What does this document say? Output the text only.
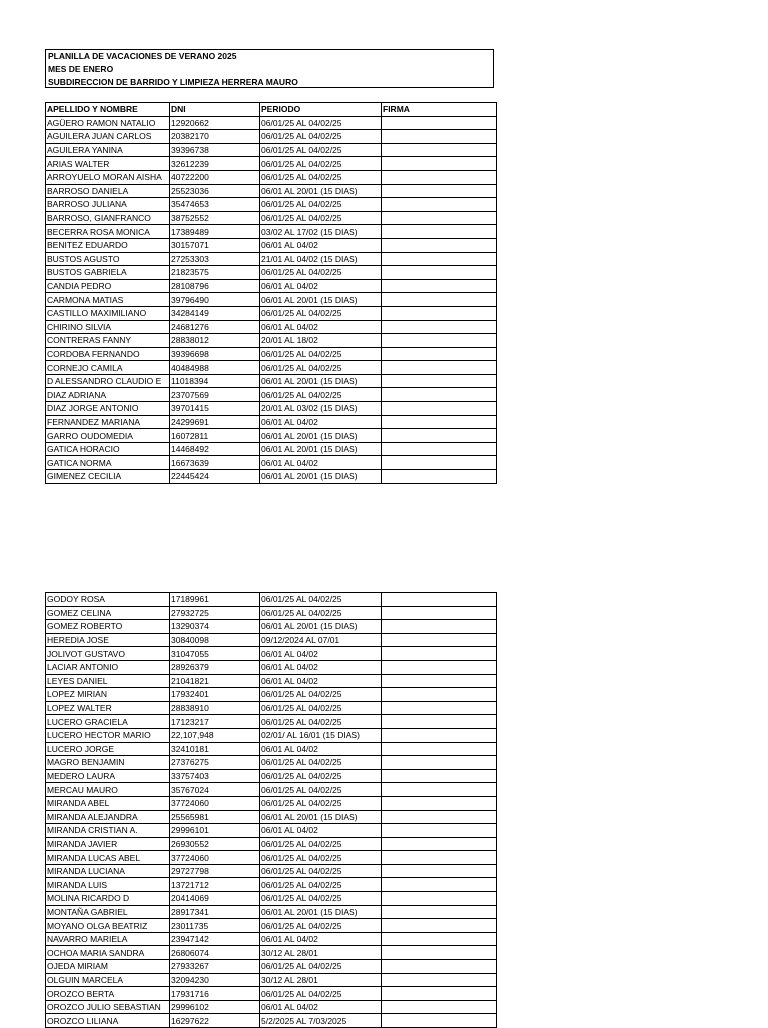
PLANILLA DE VACACIONES DE VERANO 2025
MES DE ENERO
SUBDIRECCION DE BARRIDO Y LIMPIEZA HERRERA MAURO
APELLIDO Y NOMBRE	DNI	PERIODO	FIRMA
AGÜERO RAMON NATALIO	12920662	06/01/25 AL 04/02/25	
AGUILERA JUAN CARLOS	20382170	06/01/25 AL 04/02/25	
AGUILERA YANINA	39396738	06/01/25 AL 04/02/25	
ARIAS WALTER	32612239	06/01/25 AL 04/02/25	
ARROYUELO MORAN AISHA	40722200	06/01/25 AL 04/02/25	
BARROSO DANIELA	25523036	06/01 AL 20/01 (15 DIAS)	
BARROSO JULIANA	35474653	06/01/25 AL 04/02/25	
BARROSO, GIANFRANCO	38752552	06/01/25 AL 04/02/25	
BECERRA ROSA MONICA	17389489	03/02 AL 17/02 (15 DIAS)	
BENITEZ EDUARDO	30157071	06/01 AL 04/02	
BUSTOS AGUSTO	27253303	21/01 AL 04/02 (15 DIAS)	
BUSTOS GABRIELA	21823575	06/01/25 AL 04/02/25	
CANDIA PEDRO	28108796	06/01 AL 04/02	
CARMONA MATIAS	39796490	06/01 AL 20/01 (15 DIAS)	
CASTILLO MAXIMILIANO	34284149	06/01/25 AL 04/02/25	
CHIRINO SILVIA	24681276	06/01 AL 04/02	
CONTRERAS FANNY	28838012	20/01 AL 18/02	
CORDOBA FERNANDO	39396698	06/01/25 AL 04/02/25	
CORNEJO CAMILA	40484988	06/01/25 AL 04/02/25	
D ALESSANDRO CLAUDIO E	11018394	06/01 AL 20/01 (15 DIAS)	
DIAZ ADRIANA	23707569	06/01/25 AL 04/02/25	
DIAZ JORGE ANTONIO	39701415	20/01 AL 03/02 (15 DIAS)	
FERNANDEZ MARIANA	24299691	06/01 AL 04/02	
GARRO OUDOMEDIA	16072811	06/01 AL 20/01 (15 DIAS)	
GATICA HORACIO	14468492	06/01 AL 20/01 (15 DIAS)	
GATICA NORMA	16673639	06/01 AL 04/02	
GIMENEZ CECILIA	22445424	06/01 AL 20/01 (15 DIAS)	
GODOY ROSA	17189961	06/01/25 AL 04/02/25	
GOMEZ CELINA	27932725	06/01/25 AL 04/02/25	
GOMEZ ROBERTO	13290374	06/01 AL 20/01 (15 DIAS)	
HEREDIA JOSE	30840098	09/12/2024 AL 07/01	
JOLIVOT GUSTAVO	31047055	06/01 AL 04/02	
LACIAR ANTONIO	28926379	06/01 AL 04/02	
LEYES DANIEL	21041821	06/01 AL 04/02	
LOPEZ MIRIAN	17932401	06/01/25 AL 04/02/25	
LOPEZ WALTER	28838910	06/01/25 AL 04/02/25	
LUCERO GRACIELA	17123217	06/01/25 AL 04/02/25	
LUCERO HECTOR MARIO	22,107,948	02/01/ AL 16/01 (15 DIAS)	
LUCERO JORGE	32410181	06/01 AL 04/02	
MAGRO BENJAMIN	27376275	06/01/25 AL 04/02/25	
MEDERO LAURA	33757403	06/01/25 AL 04/02/25	
MERCAU MAURO	35767024	06/01/25 AL 04/02/25	
MIRANDA ABEL	37724060	06/01/25 AL 04/02/25	
MIRANDA ALEJANDRA	25565981	06/01 AL 20/01 (15 DIAS)	
MIRANDA CRISTIAN A.	29996101	06/01 AL 04/02	
MIRANDA JAVIER	26930552	06/01/25 AL 04/02/25	
MIRANDA LUCAS ABEL	37724060	06/01/25 AL 04/02/25	
MIRANDA LUCIANA	29727798	06/01/25 AL 04/02/25	
MIRANDA LUIS	13721712	06/01/25 AL 04/02/25	
MOLINA RICARDO D	20414069	06/01/25 AL 04/02/25	
MONTAÑA GABRIEL	28917341	06/01 AL 20/01 (15 DIAS)	
MOYANO OLGA BEATRIZ	23011735	06/01/25 AL 04/02/25	
NAVARRO MARIELA	23947142	06/01 AL 04/02	
OCHOA MARIA SANDRA	26806074	30/12 AL 28/01	
OJEDA MIRIAM	27933267	06/01/25 AL 04/02/25	
OLGUIN MARCELA	32094230	30/12 AL 28/01	
OROZCO BERTA	17931716	06/01/25 AL 04/02/25	
OROZCO JULIO SEBASTIAN	29996102	06/01 AL 04/02	
OROZCO LILIANA	16297622	5/2/2025 AL 7/03/2025	
